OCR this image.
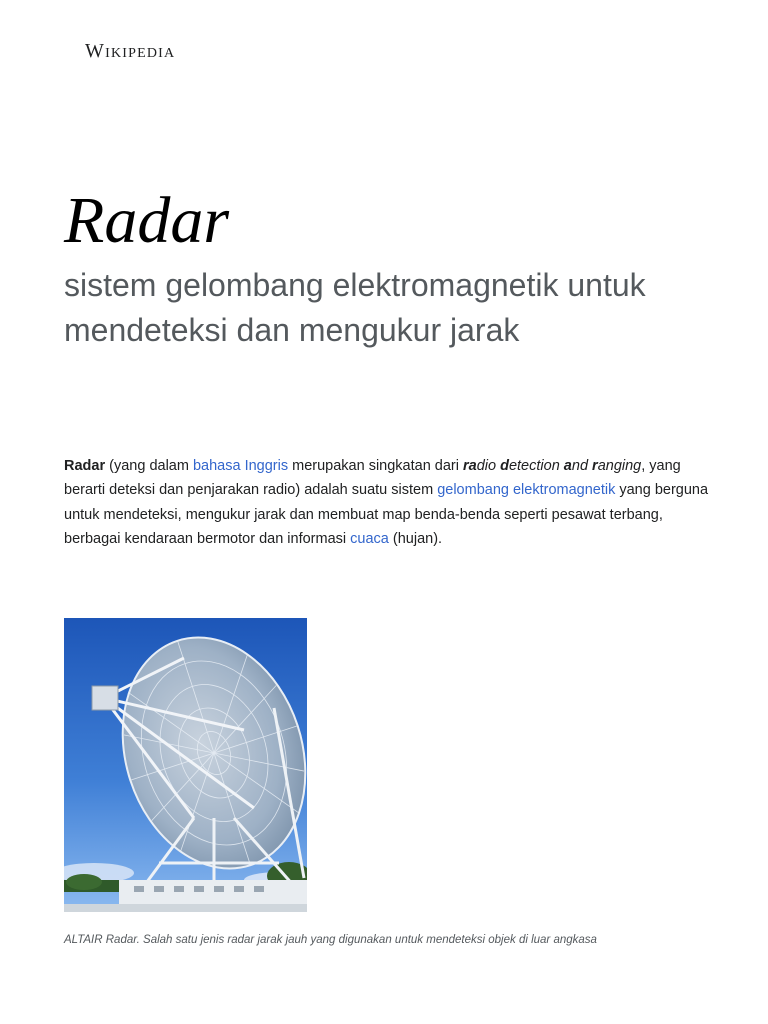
Wikipedia
Radar

sistem gelombang elektromagnetik untuk mendeteksi dan mengukur jarak

Radar (yang dalam bahasa Inggris merupakan singkatan dari radio detection and ranging, yang berarti deteksi dan penjarakan radio) adalah suatu sistem gelombang elektromagnetik yang berguna untuk mendeteksi, mengukur jarak dan membuat map benda-benda seperti pesawat terbang, berbagai kendaraan bermotor dan informasi cuaca (hujan).

ALTAIR Radar. Salah satu jenis radar jarak jauh yang digunakan untuk mendeteksi objek di luar angkasa
